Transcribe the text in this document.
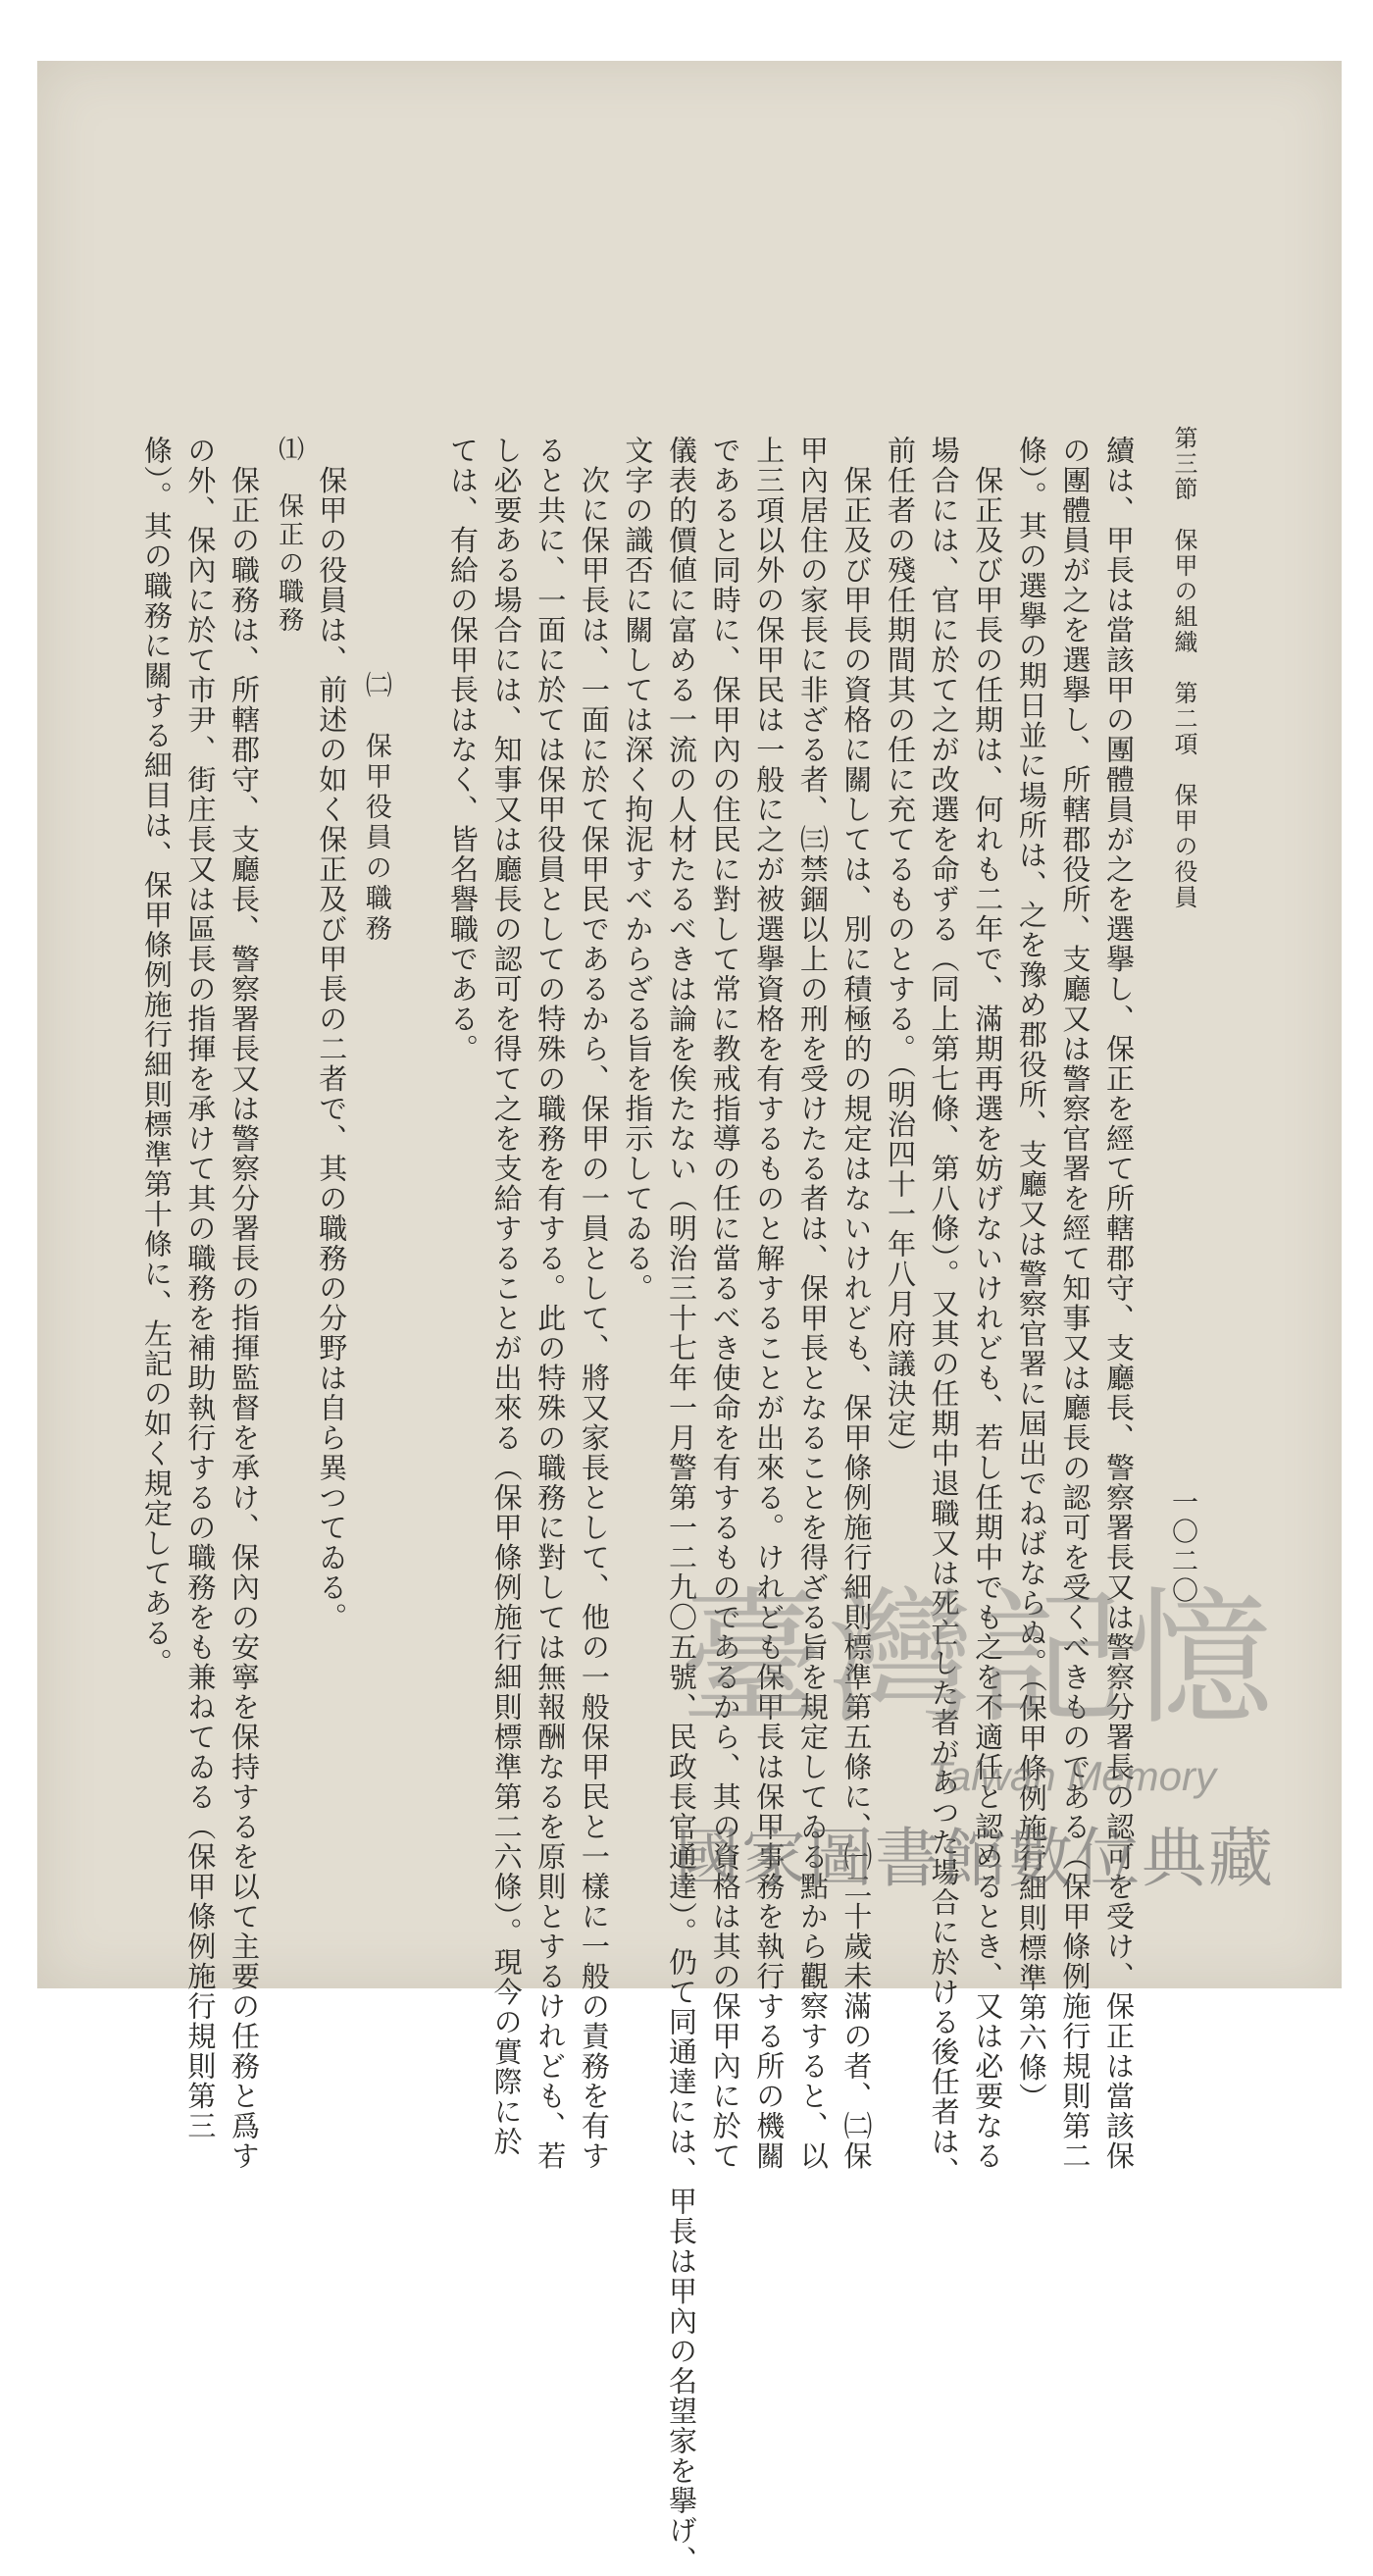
第三節　保甲の組織　第二項　保甲の役員
一〇二〇
續は、甲長は當該甲の團體員が之を選擧し、保正を經て所轄郡守、支廳長、警察署長又は警察分署長の認可を受け、保正は當該保
の團體員が之を選擧し、所轄郡役所、支廳又は警察官署を經て知事又は廳長の認可を受くべきものである（保甲條例施行規則第二
條）。其の選擧の期日並に場所は、之を豫め郡役所、支廳又は警察官署に屆出でねばならぬ。（保甲條例施行細則標準第六條）
　保正及び甲長の任期は、何れも二年で、滿期再選を妨げないけれども、若し任期中でも之を不適任と認めるとき、又は必要なる
場合には、官に於て之が改選を命ずる（同上第七條、第八條）。又其の任期中退職又は死亡した者があつた場合に於ける後任者は、
前任者の殘任期間其の任に充てるものとする。（明治四十一年八月府議決定）
　保正及び甲長の資格に關しては、別に積極的の規定はないけれども、保甲條例施行細則標準第五條に、㈠二十歲未滿の者、㈡保
甲內居住の家長に非ざる者、㈢禁錮以上の刑を受けたる者は、保甲長となることを得ざる旨を規定してゐる點から觀察すると、以
上三項以外の保甲民は一般に之が被選擧資格を有するものと解することが出來る。けれども保甲長は保甲事務を執行する所の機關
であると同時に、保甲內の住民に對して常に教戒指導の任に當るべき使命を有するものであるから、其の資格は其の保甲內に於て
儀表的價値に富める一流の人材たるべきは論を俟たない（明治三十七年一月警第一二九〇五號、民政長官通達）。仍て同通達には、甲長は甲內の名望家を擧げ、
文字の識否に關しては深く拘泥すべからざる旨を指示してゐる。
　次に保甲長は、一面に於て保甲民であるから、保甲の一員として、將又家長として、他の一般保甲民と一樣に一般の責務を有す
ると共に、一面に於ては保甲役員としての特殊の職務を有する。此の特殊の職務に對しては無報酬なるを原則とするけれども、若
し必要ある場合には、知事又は廳長の認可を得て之を支給することが出來る（保甲條例施行細則標準第二六條）。現今の實際に於
ては、有給の保甲長はなく、皆名譽職である。
㈡　保甲役員の職務
　保甲の役員は、前述の如く保正及び甲長の二者で、其の職務の分野は自ら異つてゐる。
⑴　保正の職務
　保正の職務は、所轄郡守、支廳長、警察署長又は警察分署長の指揮監督を承け、保內の安寧を保持するを以て主要の任務と爲す
の外、保內に於て市尹、街庄長又は區長の指揮を承けて其の職務を補助執行するの職務をも兼ねてゐる（保甲條例施行規則第三
條）。其の職務に關する細目は、保甲條例施行細則標準第十條に、左記の如く規定してある。	臺灣記憶
Taiwan Memory
國家圖書館數位典藏
